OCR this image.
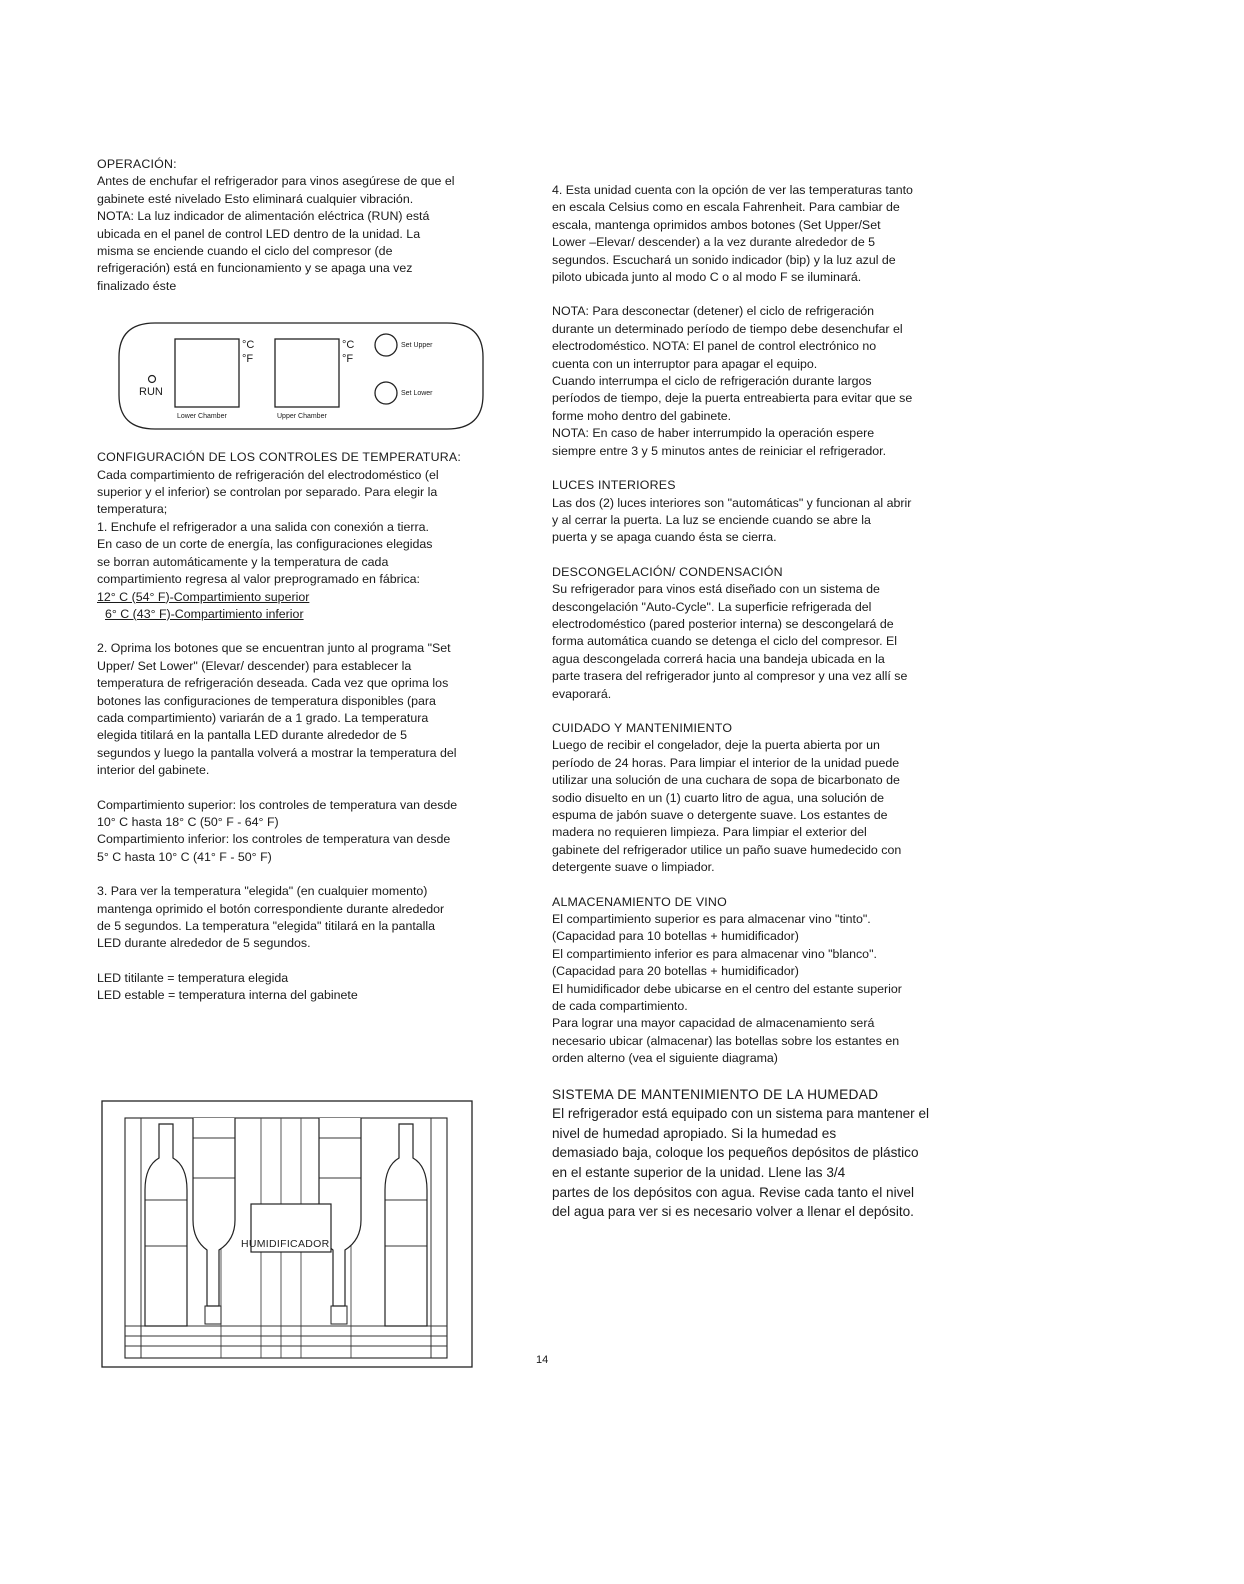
OPERACIÓN:
Antes de enchufar el refrigerador para vinos asegúrese de que el
gabinete esté nivelado Esto eliminará cualquier vibración.
NOTA: La luz indicador de alimentación eléctrica (RUN) está
ubicada en el panel de control LED dentro de la unidad. La
misma se enciende cuando el ciclo del compresor (de
refrigeración) está en funcionamiento y se apaga una vez
finalizado éste
RUN
°C
°F
°C
°F
Set Upper
Set Lower
Lower Chamber	Upper Chamber
CONFIGURACIÓN DE LOS CONTROLES DE TEMPERATURA:
Cada compartimiento de refrigeración del electrodoméstico (el
superior y el inferior) se controlan por separado. Para elegir la
temperatura;
1. Enchufe el refrigerador a una salida con conexión a tierra.
En caso de un corte de energía, las configuraciones elegidas
se borran automáticamente y la temperatura de cada
compartimiento regresa al valor preprogramado en fábrica:
12° C (54° F)-Compartimiento superior
6° C (43° F)-Compartimiento inferior
2. Oprima los botones que se encuentran junto al programa "Set
Upper/ Set Lower" (Elevar/ descender) para establecer la
temperatura de refrigeración deseada. Cada vez que oprima los
botones las configuraciones de temperatura disponibles (para
cada compartimiento) variarán de a 1 grado. La temperatura
elegida titilará en la pantalla LED durante alrededor de 5
segundos y luego la pantalla volverá a mostrar la temperatura del
interior del gabinete.
Compartimiento superior: los controles de temperatura van desde
10° C hasta 18° C (50° F - 64° F)
Compartimiento inferior: los controles de temperatura van desde
5° C hasta 10° C (41° F - 50° F)
3. Para ver la temperatura "elegida" (en cualquier momento)
mantenga oprimido el botón correspondiente durante alrededor
de 5 segundos. La temperatura "elegida" titilará en la pantalla
LED durante alrededor de 5 segundos.
LED titilante = temperatura elegida
LED estable = temperatura interna del gabinete
HUMIDIFICADOR
4. Esta unidad cuenta con la opción de ver las temperaturas tanto
en escala Celsius como en escala Fahrenheit. Para cambiar de
escala, mantenga oprimidos ambos botones (Set Upper/Set
Lower –Elevar/ descender) a la vez durante alrededor de 5
segundos. Escuchará un sonido indicador (bip) y la luz azul de
piloto ubicada junto al modo C o al modo F se iluminará.
NOTA: Para desconectar (detener) el ciclo de refrigeración
durante un determinado período de tiempo debe desenchufar el
electrodoméstico. NOTA: El panel de control electrónico no
cuenta con un interruptor para apagar el equipo.
Cuando interrumpa el ciclo de refrigeración durante largos
períodos de tiempo, deje la puerta entreabierta para evitar que se
forme moho dentro del gabinete.
NOTA: En caso de haber interrumpido la operación espere
siempre entre 3 y 5 minutos antes de reiniciar el refrigerador.
LUCES INTERIORES
Las dos (2) luces interiores son "automáticas" y funcionan al abrir
y al cerrar la puerta. La luz se enciende cuando se abre la
puerta y se apaga cuando ésta se cierra.
DESCONGELACIÓN/ CONDENSACIÓN
Su refrigerador para vinos está diseñado con un sistema de
descongelación "Auto-Cycle". La superficie refrigerada del
electrodoméstico (pared posterior interna) se descongelará de
forma automática cuando se detenga el ciclo del compresor. El
agua descongelada correrá hacia una bandeja ubicada en la
parte trasera del refrigerador junto al compresor y una vez allí se
evaporará.
CUIDADO Y MANTENIMIENTO
Luego de recibir el congelador, deje la puerta abierta por un
período de 24 horas. Para limpiar el interior de la unidad puede
utilizar una solución de una cuchara de sopa de bicarbonato de
sodio disuelto en un (1) cuarto litro de agua, una solución de
espuma de jabón suave o detergente suave. Los estantes de
madera no requieren limpieza. Para limpiar el exterior del
gabinete del refrigerador utilice un paño suave humedecido con
detergente suave o limpiador.
ALMACENAMIENTO DE VINO
El compartimiento superior es para almacenar vino "tinto".
(Capacidad para 10 botellas + humidificador)
El compartimiento inferior es para almacenar vino "blanco".
(Capacidad para 20 botellas + humidificador)
El humidificador debe ubicarse en el centro del estante superior
de cada compartimiento.
Para lograr una mayor capacidad de almacenamiento será
necesario ubicar (almacenar) las botellas sobre los estantes en
orden alterno (vea el siguiente diagrama)
SISTEMA DE MANTENIMIENTO DE LA HUMEDAD
El refrigerador está equipado con un sistema para mantener el
nivel de humedad apropiado. Si la humedad es
demasiado baja, coloque los pequeños depósitos de plástico
en el estante superior de la unidad. Llene las 3/4
partes de los depósitos con agua. Revise cada tanto el nivel
del agua para ver si es necesario volver a llenar el depósito.
14
